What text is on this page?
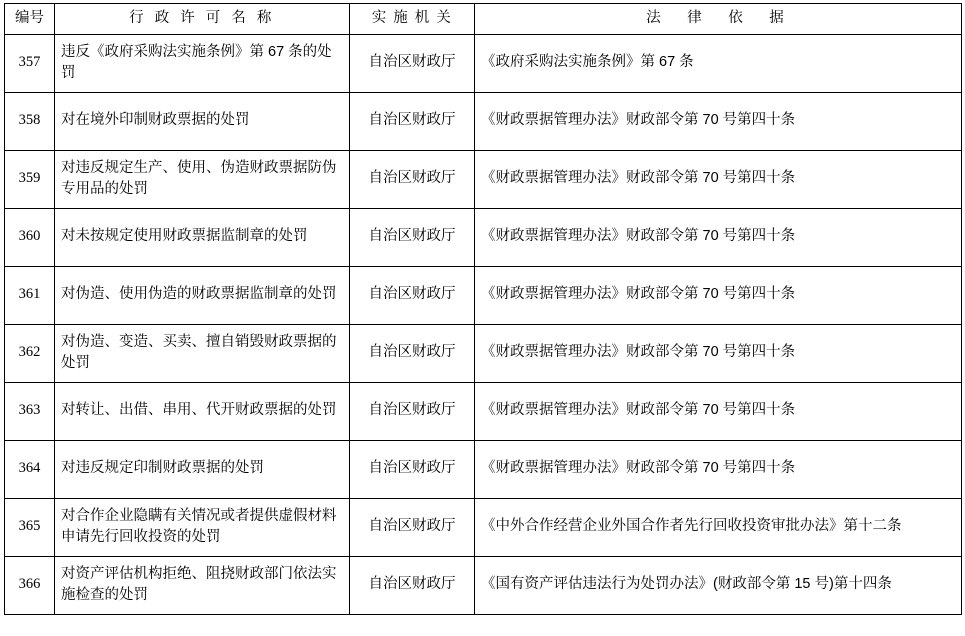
编号	行 政 许 可 名 称	实 施 机 关	法　律　依　据
357	违反《政府采购法实施条例》第 67 条的处罚	自治区财政厅	《政府采购法实施条例》第 67 条
358	对在境外印制财政票据的处罚	自治区财政厅	《财政票据管理办法》财政部令第 70 号第四十条
359	对违反规定生产、使用、伪造财政票据防伪专用品的处罚	自治区财政厅	《财政票据管理办法》财政部令第 70 号第四十条
360	对未按规定使用财政票据监制章的处罚	自治区财政厅	《财政票据管理办法》财政部令第 70 号第四十条
361	对伪造、使用伪造的财政票据监制章的处罚	自治区财政厅	《财政票据管理办法》财政部令第 70 号第四十条
362	对伪造、变造、买卖、擅自销毁财政票据的处罚	自治区财政厅	《财政票据管理办法》财政部令第 70 号第四十条
363	对转让、出借、串用、代开财政票据的处罚	自治区财政厅	《财政票据管理办法》财政部令第 70 号第四十条
364	对违反规定印制财政票据的处罚	自治区财政厅	《财政票据管理办法》财政部令第 70 号第四十条
365	对合作企业隐瞒有关情况或者提供虚假材料申请先行回收投资的处罚	自治区财政厅	《中外合作经营企业外国合作者先行回收投资审批办法》第十二条
366	对资产评估机构拒绝、阻挠财政部门依法实施检查的处罚	自治区财政厅	《国有资产评估违法行为处罚办法》(财政部令第 15 号)第十四条
